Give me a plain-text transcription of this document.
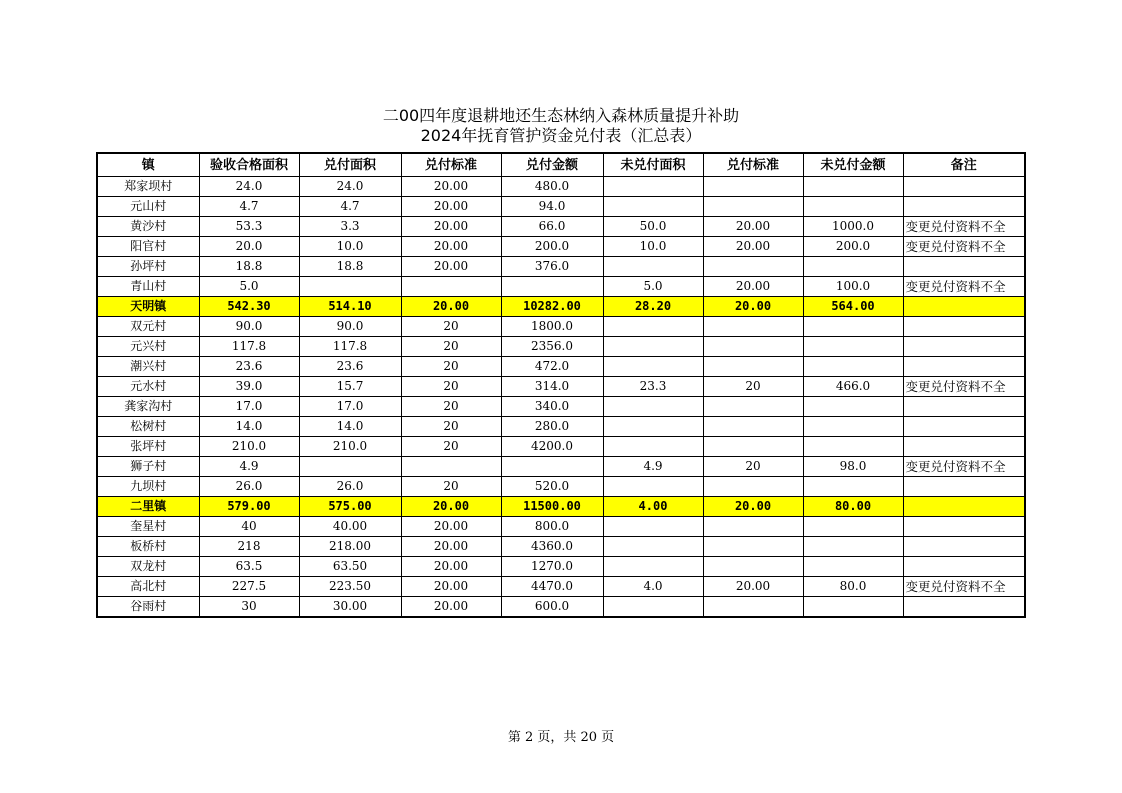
二00四年度退耕地还生态林纳入森林质量提升补助
2024年抚育管护资金兑付表（汇总表）
镇	验收合格面积	兑付面积	兑付标准	兑付金额	未兑付面积	兑付标准	未兑付金额	备注
郑家坝村	24.0	24.0	20.00	480.0				
元山村	4.7	4.7	20.00	94.0				
黄沙村	53.3	3.3	20.00	66.0	50.0	20.00	1000.0	变更兑付资料不全
阳官村	20.0	10.0	20.00	200.0	10.0	20.00	200.0	变更兑付资料不全
孙坪村	18.8	18.8	20.00	376.0				
青山村	5.0				5.0	20.00	100.0	变更兑付资料不全
天明镇	542.30	514.10	20.00	10282.00	28.20	20.00	564.00	
双元村	90.0	90.0	20	1800.0				
元兴村	117.8	117.8	20	2356.0				
潮兴村	23.6	23.6	20	472.0				
元水村	39.0	15.7	20	314.0	23.3	20	466.0	变更兑付资料不全
龚家沟村	17.0	17.0	20	340.0				
松树村	14.0	14.0	20	280.0				
张坪村	210.0	210.0	20	4200.0				
狮子村	4.9				4.9	20	98.0	变更兑付资料不全
九坝村	26.0	26.0	20	520.0				
二里镇	579.00	575.00	20.00	11500.00	4.00	20.00	80.00	
奎星村	40	40.00	20.00	800.0				
板桥村	218	218.00	20.00	4360.0				
双龙村	63.5	63.50	20.00	1270.0				
高北村	227.5	223.50	20.00	4470.0	4.0	20.00	80.0	变更兑付资料不全
谷雨村	30	30.00	20.00	600.0				
第 2 页，共 20 页
